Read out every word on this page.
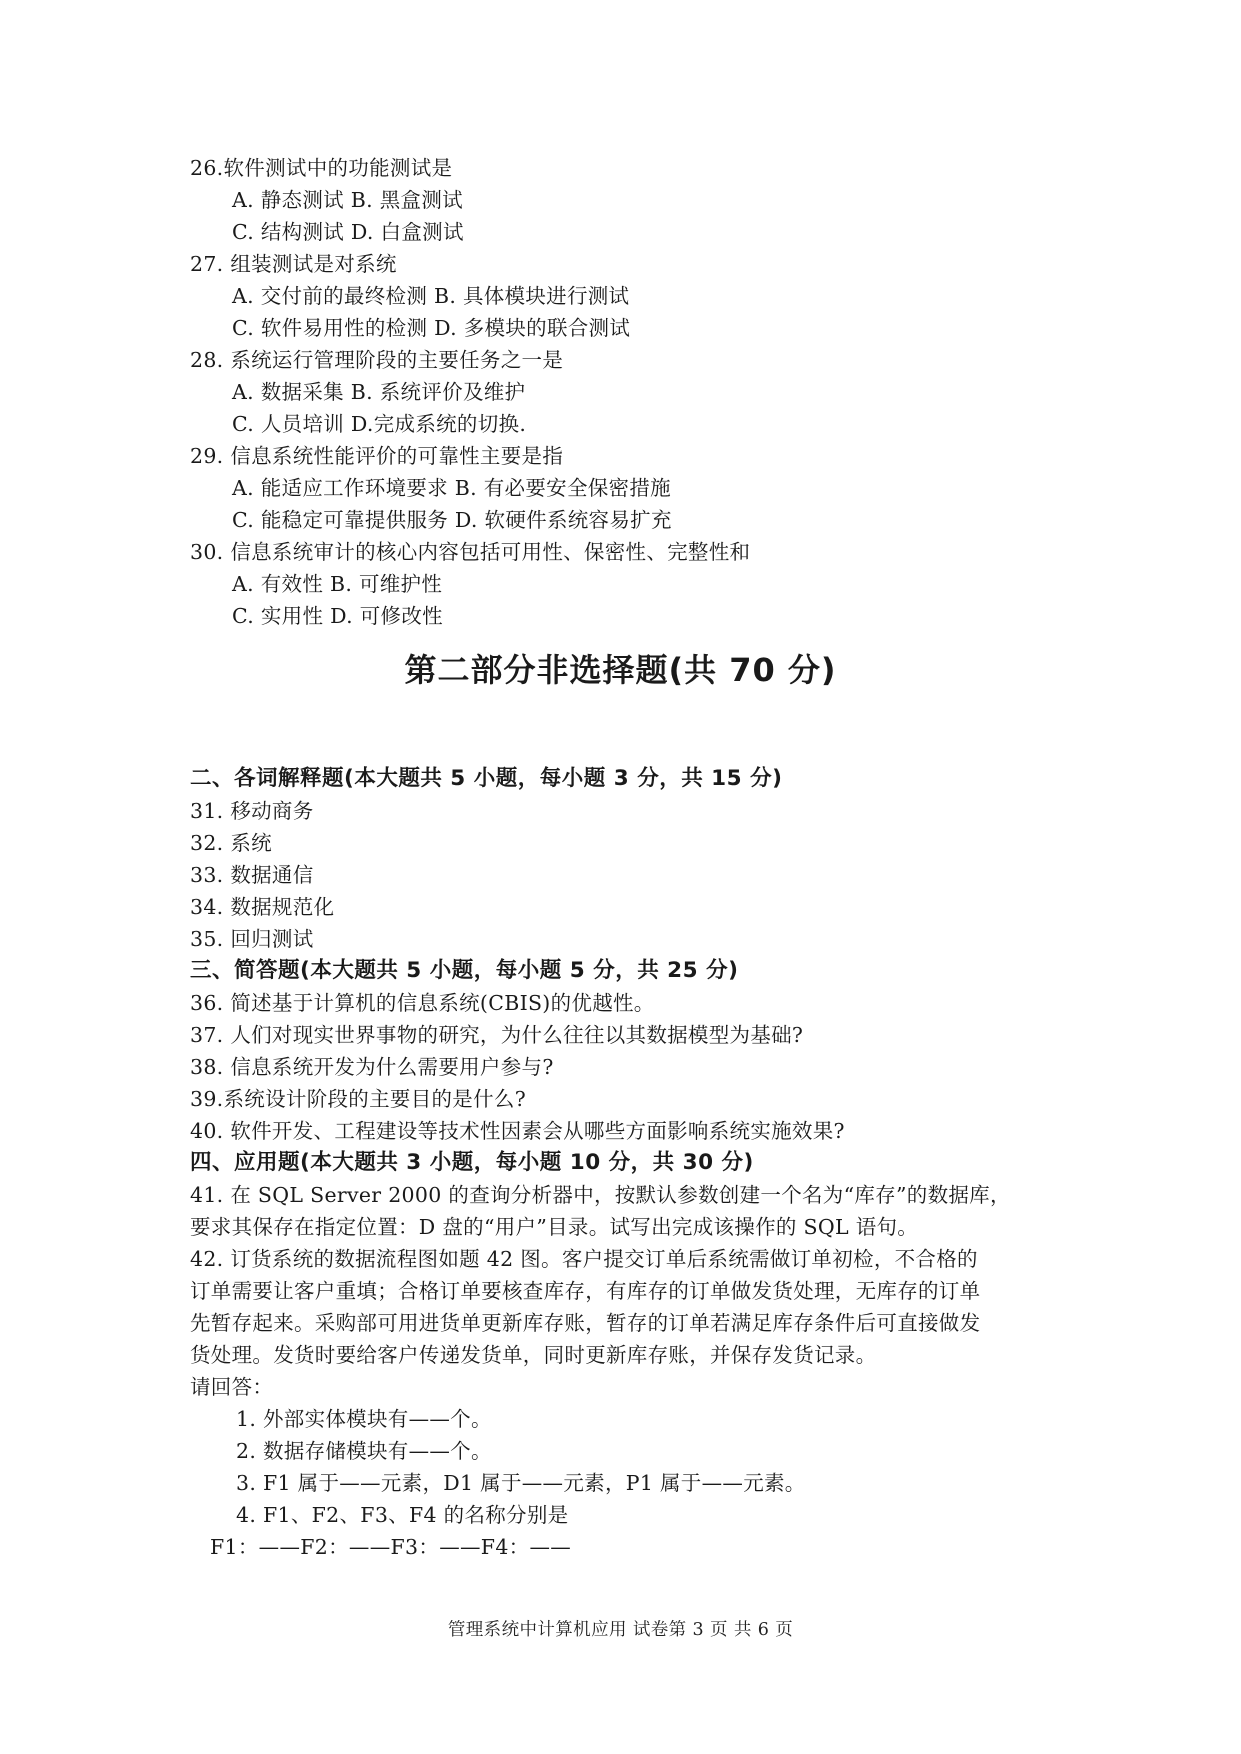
26.软件测试中的功能测试是
A. 静态测试 B. 黑盒测试
C. 结构测试 D. 白盒测试
27. 组装测试是对系统
A. 交付前的最终检测 B. 具体模块进行测试
C. 软件易用性的检测 D. 多模块的联合测试
28. 系统运行管理阶段的主要任务之一是
A. 数据采集 B. 系统评价及维护
C. 人员培训 D.完成系统的切换.
29. 信息系统性能评价的可靠性主要是指
A. 能适应工作环境要求 B. 有必要安全保密措施
C. 能稳定可靠提供服务 D. 软硬件系统容易扩充
30. 信息系统审计的核心内容包括可用性、保密性、完整性和
A. 有效性 B. 可维护性
C. 实用性 D. 可修改性
第二部分非选择题(共 70 分)
二、各词解释题(本大题共 5 小题，每小题 3 分，共 15 分)
31. 移动商务
32. 系统
33. 数据通信
34. 数据规范化
35. 回归测试
三、简答题(本大题共 5 小题，每小题 5 分，共 25 分)
36. 简述基于计算机的信息系统(CBIS)的优越性。
37. 人们对现实世界事物的研究，为什么往往以其数据模型为基础?
38. 信息系统开发为什么需要用户参与?
39.系统设计阶段的主要目的是什么?
40. 软件开发、工程建设等技术性因素会从哪些方面影响系统实施效果?
四、应用题(本大题共 3 小题，每小题 10 分，共 30 分)
41. 在 SQL Server 2000 的查询分析器中，按默认参数创建一个名为“库存”的数据库，
要求其保存在指定位置：D 盘的“用户”目录。试写出完成该操作的 SQL 语句。
42. 订货系统的数据流程图如题 42 图。客户提交订单后系统需做订单初检，不合格的
订单需要让客户重填；合格订单要核查库存，有库存的订单做发货处理，无库存的订单
先暂存起来。采购部可用进货单更新库存账，暂存的订单若满足库存条件后可直接做发
货处理。发货时要给客户传递发货单，同时更新库存账，并保存发货记录。
请回答：
1. 外部实体模块有——个。
2. 数据存储模块有——个。
3. F1 属于——元素，D1 属于——元素，P1 属于——元素。
4. F1、F2、F3、F4 的名称分别是
F1：——F2：——F3：——F4：——
管理系统中计算机应用 试卷第 3 页 共 6 页
